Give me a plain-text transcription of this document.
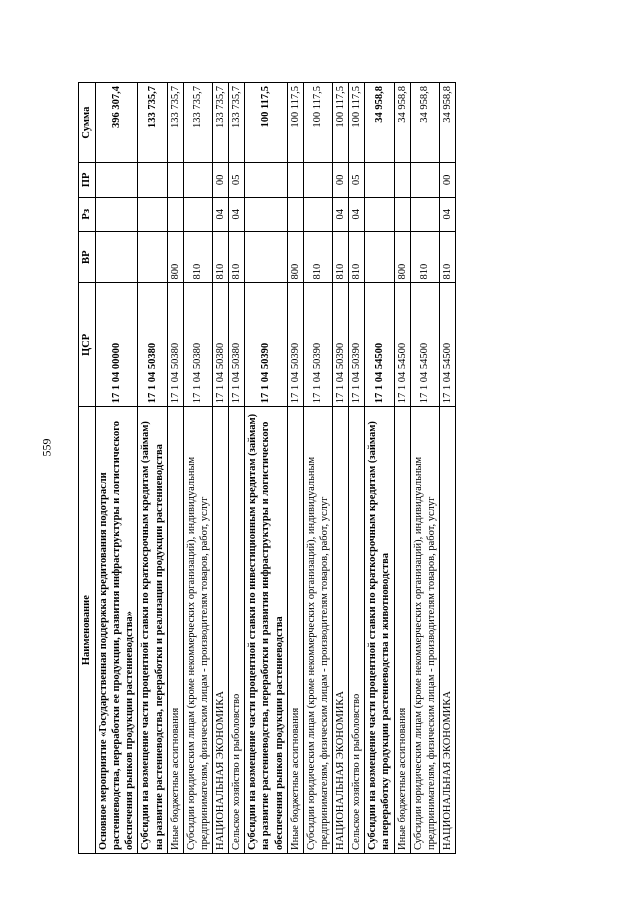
559
Наименование	ЦСР	ВР	Рз	ПР	Сумма
Основное мероприятие «Государственная поддержка кредитования подотрасли растениеводства, переработки ее продукции, развития инфраструктуры и логистического обеспечения рынков продукции растениеводства»	17 1 04 00000				396 307,4
Субсидии на возмещение части процентной ставки по краткосрочным кредитам (займам) на развитие растениеводства, переработки и реализации продукции растениеводства	17 1 04 50380				133 735,7
Иные бюджетные ассигнования	17 1 04 50380	800			133 735,7
Субсидии юридическим лицам (кроме некоммерческих организаций), индивидуальным предпринимателям, физическим лицам - производителям товаров, работ, услуг	17 1 04 50380	810			133 735,7
НАЦИОНАЛЬНАЯ ЭКОНОМИКА	17 1 04 50380	810	04	00	133 735,7
Сельское хозяйство и рыболовство	17 1 04 50380	810	04	05	133 735,7
Субсидии на возмещение части процентной ставки по инвестиционным кредитам (займам) на развитие растениеводства, переработки и развития инфраструктуры и логистического обеспечения рынков продукции растениеводства	17 1 04 50390				100 117,5
Иные бюджетные ассигнования	17 1 04 50390	800			100 117,5
Субсидии юридическим лицам (кроме некоммерческих организаций), индивидуальным предпринимателям, физическим лицам - производителям товаров, работ, услуг	17 1 04 50390	810			100 117,5
НАЦИОНАЛЬНАЯ ЭКОНОМИКА	17 1 04 50390	810	04	00	100 117,5
Сельское хозяйство и рыболовство	17 1 04 50390	810	04	05	100 117,5
Субсидии на возмещение части процентной ставки по краткосрочным кредитам (займам) на переработку продукции растениеводства и животноводства	17 1 04 54500				34 958,8
Иные бюджетные ассигнования	17 1 04 54500	800			34 958,8
Субсидии юридическим лицам (кроме некоммерческих организаций), индивидуальным предпринимателям, физическим лицам - производителям товаров, работ, услуг	17 1 04 54500	810			34 958,8
НАЦИОНАЛЬНАЯ ЭКОНОМИКА	17 1 04 54500	810	04	00	34 958,8
